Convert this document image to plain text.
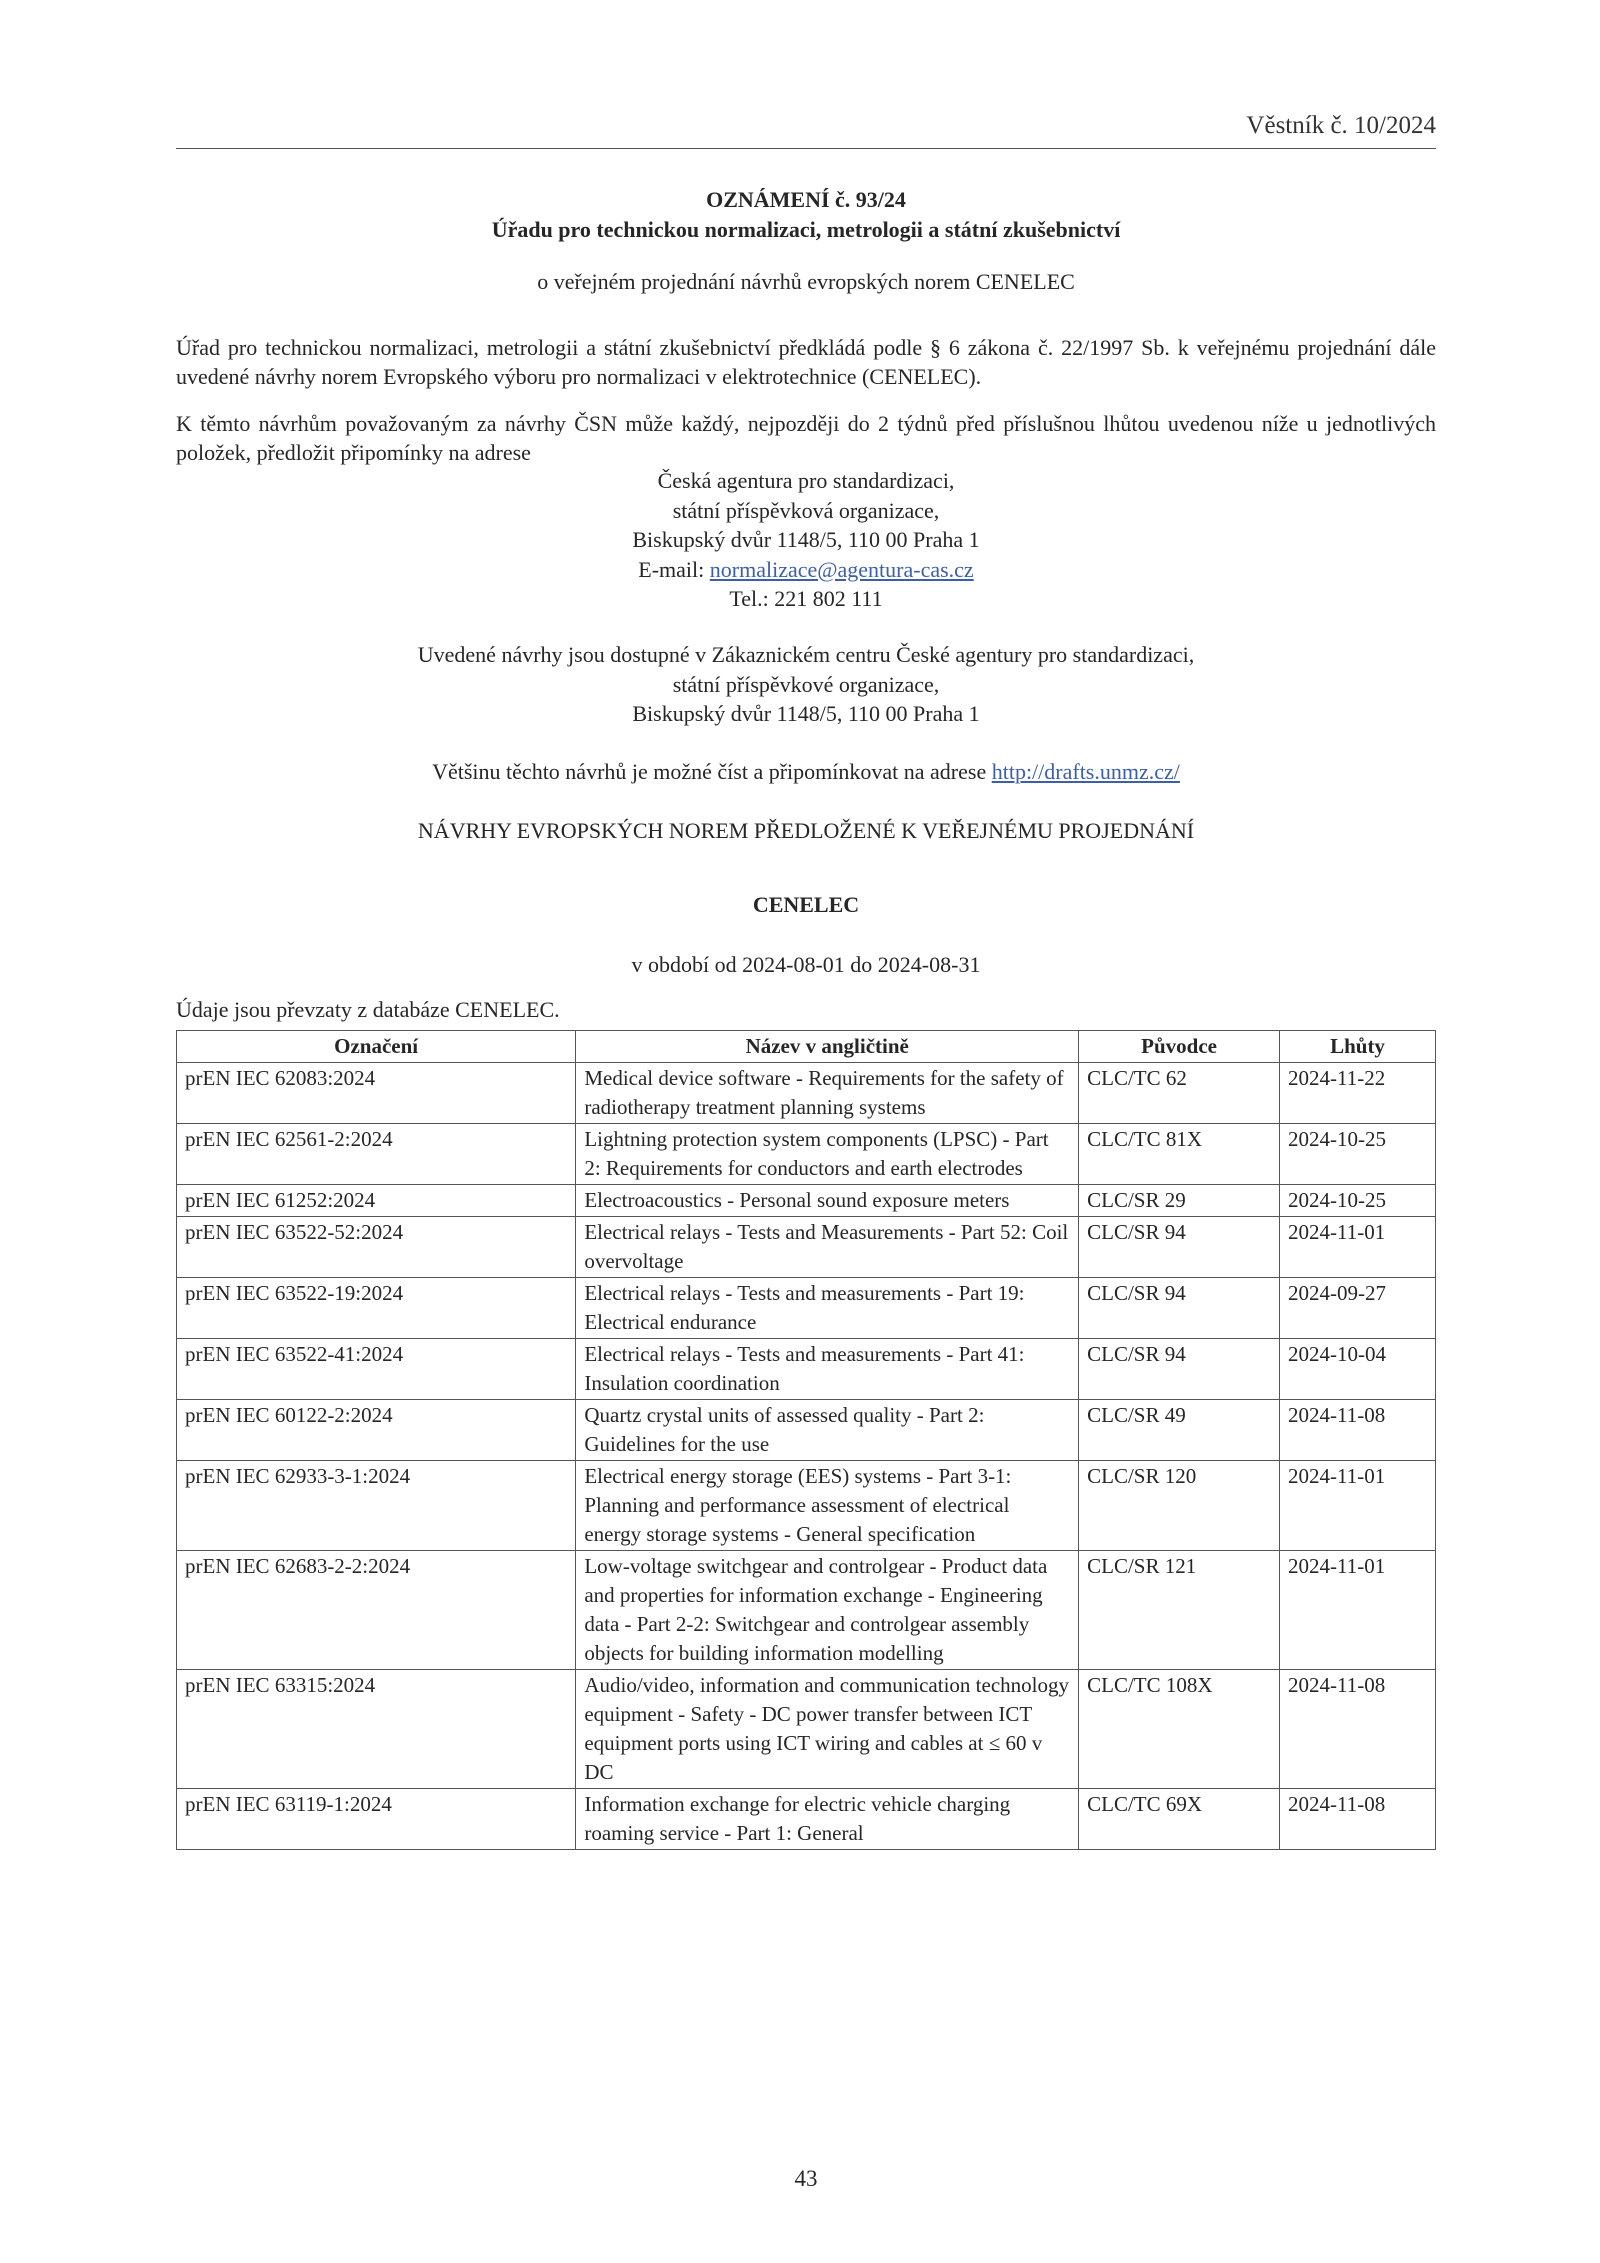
Věstník č. 10/2024
OZNÁMENÍ č. 93/24
Úřadu pro technickou normalizaci, metrologii a státní zkušebnictví
o veřejném projednání návrhů evropských norem CENELEC
Úřad pro technickou normalizaci, metrologii a státní zkušebnictví předkládá podle § 6 zákona č. 22/1997 Sb. k veřejnému projednání dále uvedené návrhy norem Evropského výboru pro normalizaci v elektrotechnice (CENELEC).
K těmto návrhům považovaným za návrhy ČSN může každý, nejpozději do 2 týdnů před příslušnou lhůtou uvedenou níže u jednotlivých položek, předložit připomínky na adrese
Česká agentura pro standardizaci,
státní příspěvková organizace,
Biskupský dvůr 1148/5, 110 00 Praha 1
E-mail: normalizace@agentura-cas.cz
Tel.: 221 802 111
Uvedené návrhy jsou dostupné v Zákaznickém centru České agentury pro standardizaci,
státní příspěvkové organizace,
Biskupský dvůr 1148/5, 110 00 Praha 1
Většinu těchto návrhů je možné číst a připomínkovat na adrese http://drafts.unmz.cz/
NÁVRHY EVROPSKÝCH NOREM PŘEDLOŽENÉ K VEŘEJNÉMU PROJEDNÁNÍ
CENELEC
v období od 2024-08-01 do 2024-08-31
Údaje jsou převzaty z databáze CENELEC.
Označení	Název v angličtině	Původce	Lhůty
prEN IEC 62083:2024	Medical device software - Requirements for the safety of radiotherapy treatment planning systems	CLC/TC 62	2024-11-22
prEN IEC 62561-2:2024	Lightning protection system components (LPSC) - Part 2: Requirements for conductors and earth electrodes	CLC/TC 81X	2024-10-25
prEN IEC 61252:2024	Electroacoustics - Personal sound exposure meters	CLC/SR 29	2024-10-25
prEN IEC 63522-52:2024	Electrical relays - Tests and Measurements - Part 52: Coil overvoltage	CLC/SR 94	2024-11-01
prEN IEC 63522-19:2024	Electrical relays - Tests and measurements - Part 19: Electrical endurance	CLC/SR 94	2024-09-27
prEN IEC 63522-41:2024	Electrical relays - Tests and measurements - Part 41: Insulation coordination	CLC/SR 94	2024-10-04
prEN IEC 60122-2:2024	Quartz crystal units of assessed quality - Part 2: Guidelines for the use	CLC/SR 49	2024-11-08
prEN IEC 62933-3-1:2024	Electrical energy storage (EES) systems - Part 3-1: Planning and performance assessment of electrical energy storage systems - General specification	CLC/SR 120	2024-11-01
prEN IEC 62683-2-2:2024	Low-voltage switchgear and controlgear - Product data and properties for information exchange - Engineering data - Part 2-2: Switchgear and controlgear assembly objects for building information modelling	CLC/SR 121	2024-11-01
prEN IEC 63315:2024	Audio/video, information and communication technology equipment - Safety - DC power transfer between ICT equipment ports using ICT wiring and cables at ≤ 60 v DC	CLC/TC 108X	2024-11-08
prEN IEC 63119-1:2024	Information exchange for electric vehicle charging roaming service - Part 1: General	CLC/TC 69X	2024-11-08
43
